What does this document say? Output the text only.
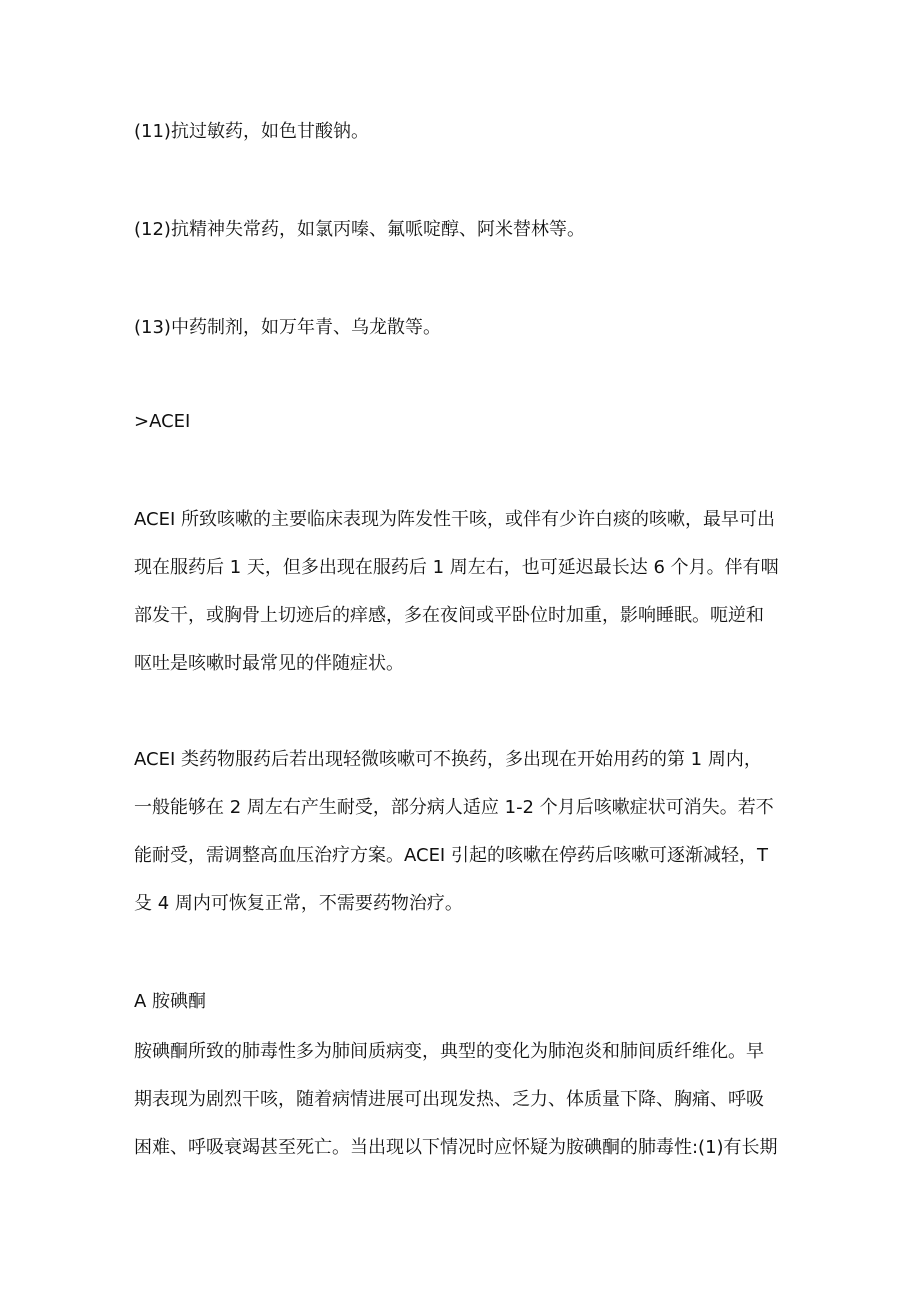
(11)抗过敏药，如色甘酸钠。
(12)抗精神失常药，如氯丙嗪、氟哌啶醇、阿米替林等。
(13)中药制剂，如万年青、乌龙散等。
>ACEI
ACEI 所致咳嗽的主要临床表现为阵发性干咳，或伴有少许白痰的咳嗽，最早可出
现在服药后 1 天，但多出现在服药后 1 周左右，也可延迟最长达 6 个月。伴有咽
部发干，或胸骨上切迹后的痒感，多在夜间或平卧位时加重，影响睡眠。呃逆和
呕吐是咳嗽时最常见的伴随症状。
ACEI 类药物服药后若出现轻微咳嗽可不换药，多出现在开始用药的第 1 周内，
一般能够在 2 周左右产生耐受，部分病人适应 1-2 个月后咳嗽症状可消失。若不
能耐受，需调整高血压治疗方案。ACEI 引起的咳嗽在停药后咳嗽可逐渐减轻，T
殳 4 周内可恢复正常，不需要药物治疗。
A 胺碘酮
胺碘酮所致的肺毒性多为肺间质病变，典型的变化为肺泡炎和肺间质纤维化。早
期表现为剧烈干咳，随着病情进展可出现发热、乏力、体质量下降、胸痛、呼吸
困难、呼吸衰竭甚至死亡。当出现以下情况时应怀疑为胺碘酮的肺毒性:(1)有长期
